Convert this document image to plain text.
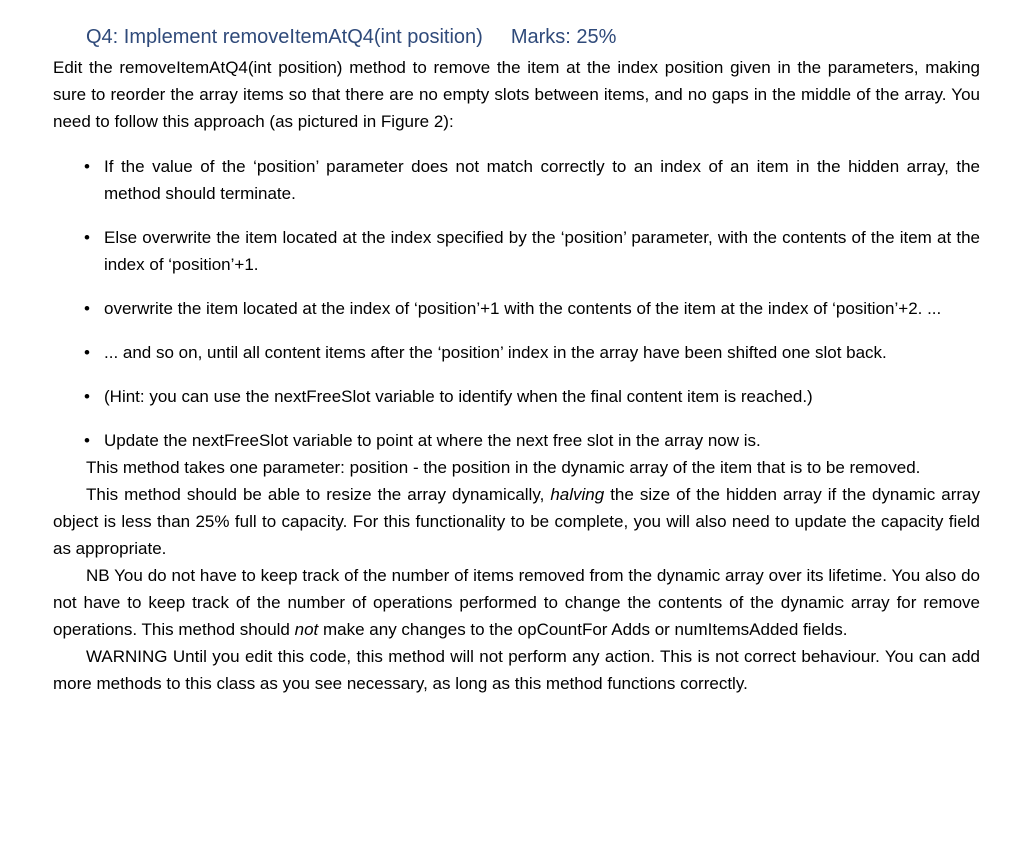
Q4: Implement removeItemAtQ4(int position) Marks: 25%

Edit the removeItemAtQ4(int position) method to remove the item at the index position given in the parameters, making sure to reorder the array items so that there are no empty slots between items, and no gaps in the middle of the array. You need to follow this approach (as pictured in Figure 2):

• If the value of the ‘position’ parameter does not match correctly to an index of an item in the hidden array, the method should terminate.
• Else overwrite the item located at the index specified by the ‘position’ parameter, with the contents of the item at the index of ‘position’+1.
• overwrite the item located at the index of ‘position’+1 with the contents of the item at the index of ‘position’+2. ...
• ... and so on, until all content items after the ‘position’ index in the array have been shifted one slot back.
• (Hint: you can use the nextFreeSlot variable to identify when the final content item is reached.)
• Update the nextFreeSlot variable to point at where the next free slot in the array now is.

This method takes one parameter: position - the position in the dynamic array of the item that is to be removed.

This method should be able to resize the array dynamically, halving the size of the hidden array if the dynamic array object is less than 25% full to capacity. For this functionality to be complete, you will also need to update the capacity field as appropriate.

NB You do not have to keep track of the number of items removed from the dynamic array over its lifetime. You also do not have to keep track of the number of operations performed to change the contents of the dynamic array for remove operations. This method should not make any changes to the opCountFor Adds or numItemsAdded fields.

WARNING Until you edit this code, this method will not perform any action. This is not correct behaviour. You can add more methods to this class as you see necessary, as long as this method functions correctly.
